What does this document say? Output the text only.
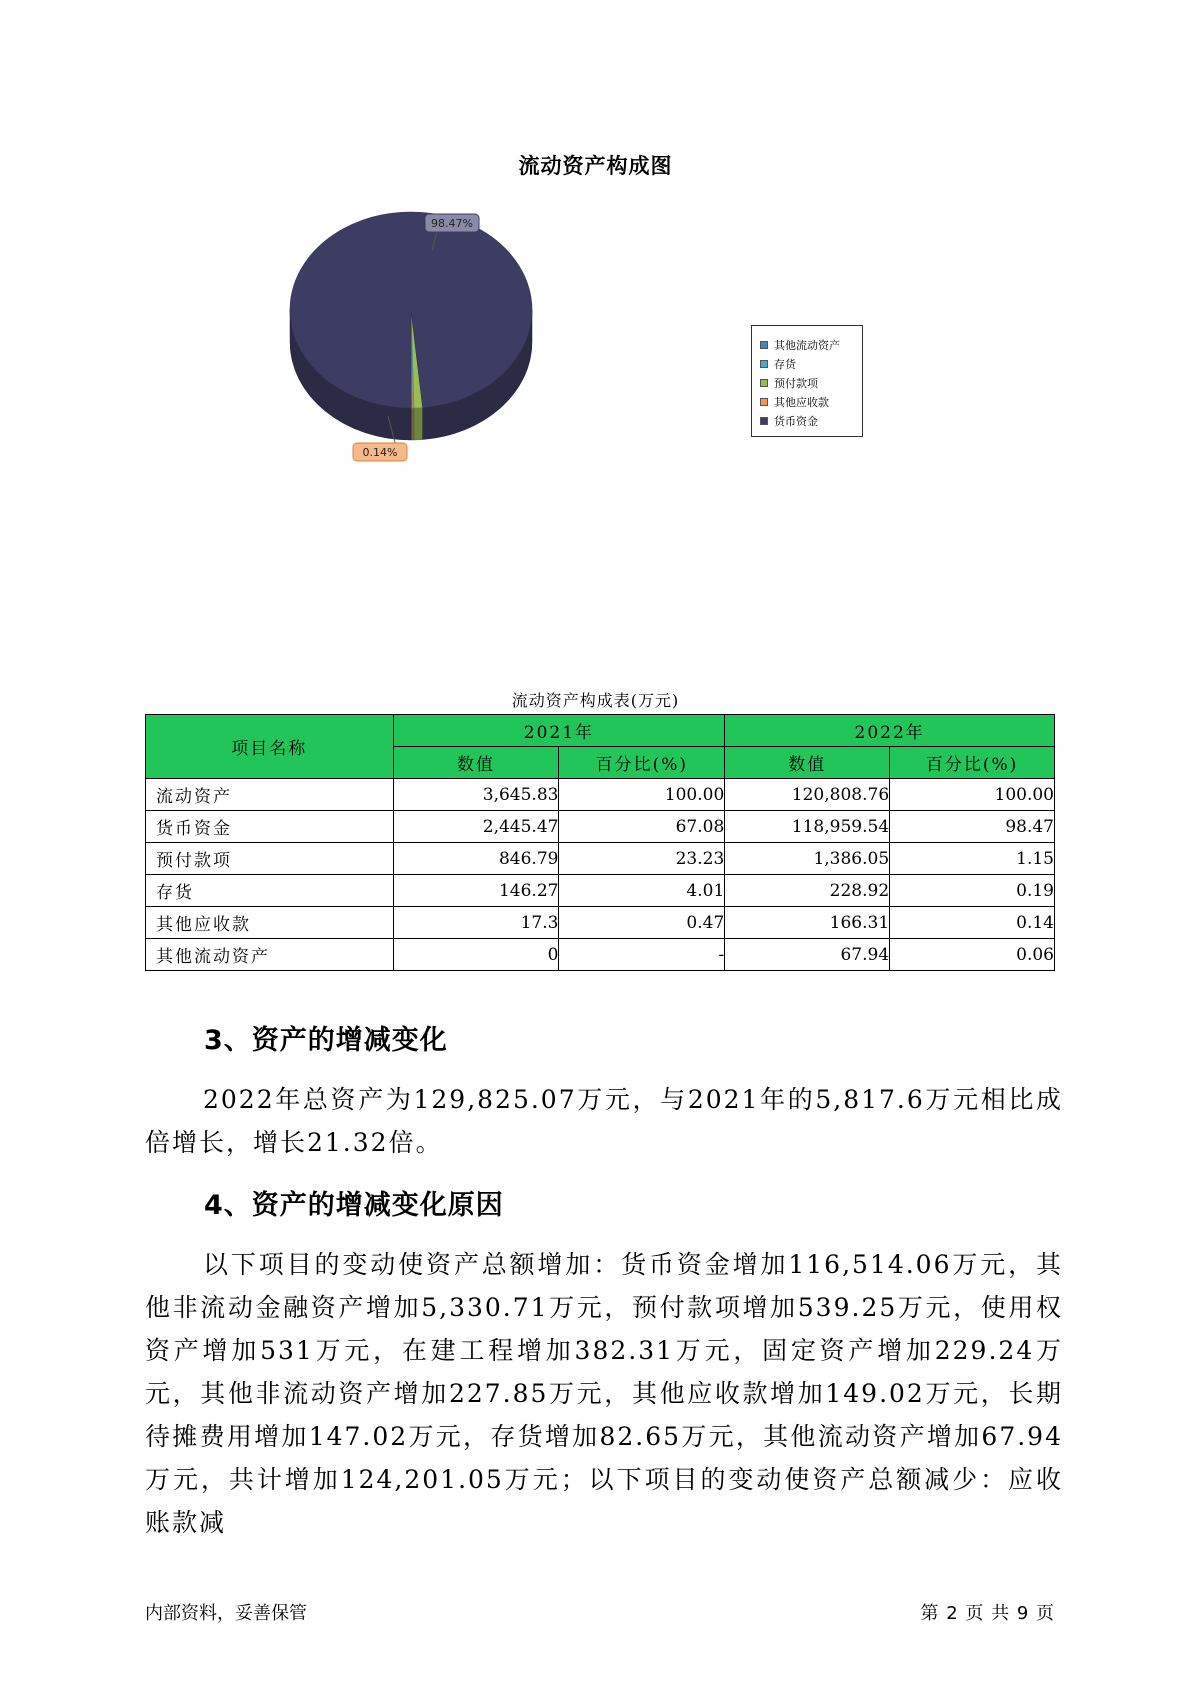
流动资产构成图
98.47%
0.14%
其他流动资产
存货
预付款项
其他应收款
货币资金
流动资产构成表(万元)
项目名称	2021年		2022年	
	数值	百分比(%)	数值	百分比(%)
流动资产	3,645.83	100.00	120,808.76	100.00
货币资金	2,445.47	67.08	118,959.54	98.47
预付款项	846.79	23.23	1,386.05	1.15
存货	146.27	4.01	228.92	0.19
其他应收款	17.3	0.47	166.31	0.14
其他流动资产	0	-	67.94	0.06
3、资产的增减变化
2022年总资产为129,825.07万元，与2021年的5,817.6万元相比成倍增长，增长21.32倍。
4、资产的增减变化原因
以下项目的变动使资产总额增加：货币资金增加116,514.06万元，其他非流动金融资产增加5,330.71万元，预付款项增加539.25万元，使用权资产增加531万元，在建工程增加382.31万元，固定资产增加229.24万元，其他非流动资产增加227.85万元，其他应收款增加149.02万元，长期待摊费用增加147.02万元，存货增加82.65万元，其他流动资产增加67.94万元，共计增加124,201.05万元；以下项目的变动使资产总额减少：应收账款减
内部资料，妥善保管	第 2 页 共 9 页
